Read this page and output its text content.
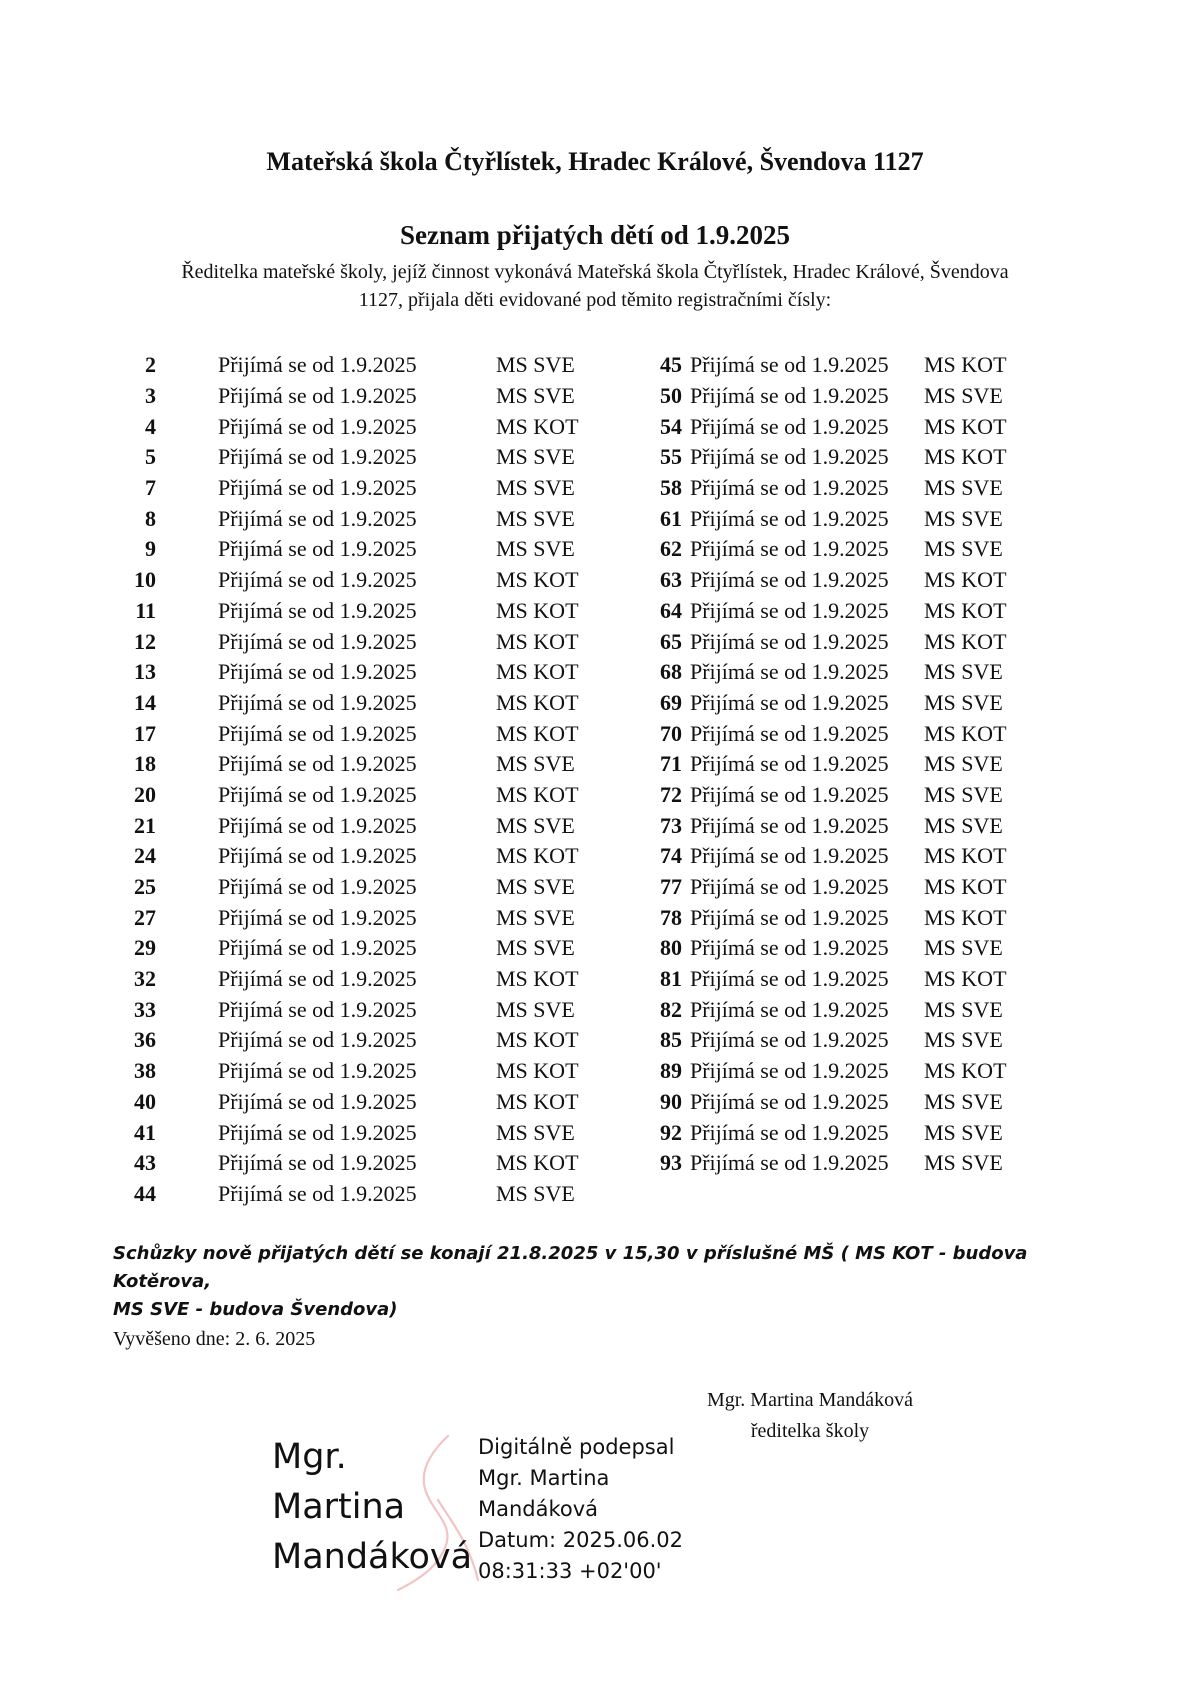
Mateřská škola Čtyřlístek, Hradec Králové, Švendova 1127
Seznam přijatých dětí od 1.9.2025
Ředitelka mateřské školy, jejíž činnost vykonává Mateřská škola Čtyřlístek, Hradec Králové, Švendova
1127, přijala děti evidované pod těmito registračními čísly:
2	Přijímá se od 1.9.2025	MS SVE
3	Přijímá se od 1.9.2025	MS SVE
4	Přijímá se od 1.9.2025	MS KOT
5	Přijímá se od 1.9.2025	MS SVE
7	Přijímá se od 1.9.2025	MS SVE
8	Přijímá se od 1.9.2025	MS SVE
9	Přijímá se od 1.9.2025	MS SVE
10	Přijímá se od 1.9.2025	MS KOT
11	Přijímá se od 1.9.2025	MS KOT
12	Přijímá se od 1.9.2025	MS KOT
13	Přijímá se od 1.9.2025	MS KOT
14	Přijímá se od 1.9.2025	MS KOT
17	Přijímá se od 1.9.2025	MS KOT
18	Přijímá se od 1.9.2025	MS SVE
20	Přijímá se od 1.9.2025	MS KOT
21	Přijímá se od 1.9.2025	MS SVE
24	Přijímá se od 1.9.2025	MS KOT
25	Přijímá se od 1.9.2025	MS SVE
27	Přijímá se od 1.9.2025	MS SVE
29	Přijímá se od 1.9.2025	MS SVE
32	Přijímá se od 1.9.2025	MS KOT
33	Přijímá se od 1.9.2025	MS SVE
36	Přijímá se od 1.9.2025	MS KOT
38	Přijímá se od 1.9.2025	MS KOT
40	Přijímá se od 1.9.2025	MS KOT
41	Přijímá se od 1.9.2025	MS SVE
43	Přijímá se od 1.9.2025	MS KOT
44	Přijímá se od 1.9.2025	MS SVE
45 Přijímá se od 1.9.2025	MS KOT
50 Přijímá se od 1.9.2025	MS SVE
54 Přijímá se od 1.9.2025	MS KOT
55 Přijímá se od 1.9.2025	MS KOT
58 Přijímá se od 1.9.2025	MS SVE
61 Přijímá se od 1.9.2025	MS SVE
62 Přijímá se od 1.9.2025	MS SVE
63 Přijímá se od 1.9.2025	MS KOT
64 Přijímá se od 1.9.2025	MS KOT
65 Přijímá se od 1.9.2025	MS KOT
68 Přijímá se od 1.9.2025	MS SVE
69 Přijímá se od 1.9.2025	MS SVE
70 Přijímá se od 1.9.2025	MS KOT
71 Přijímá se od 1.9.2025	MS SVE
72 Přijímá se od 1.9.2025	MS SVE
73 Přijímá se od 1.9.2025	MS SVE
74 Přijímá se od 1.9.2025	MS KOT
77 Přijímá se od 1.9.2025	MS KOT
78 Přijímá se od 1.9.2025	MS KOT
80 Přijímá se od 1.9.2025	MS SVE
81 Přijímá se od 1.9.2025	MS KOT
82 Přijímá se od 1.9.2025	MS SVE
85 Přijímá se od 1.9.2025	MS SVE
89 Přijímá se od 1.9.2025	MS KOT
90 Přijímá se od 1.9.2025	MS SVE
92 Přijímá se od 1.9.2025	MS SVE
93 Přijímá se od 1.9.2025	MS SVE
Schůzky nově přijatých dětí se konají 21.8.2025 v 15,30 v příslušné MŠ ( MS KOT - budova Kotěrova,
MS SVE - budova Švendova)
Vyvěšeno dne: 2. 6. 2025
Mgr. Martina Mandáková
ředitelka školy
Mgr.
Martina
Mandáková
Digitálně podepsal
Mgr. Martina
Mandáková
Datum: 2025.06.02
08:31:33 +02'00'
